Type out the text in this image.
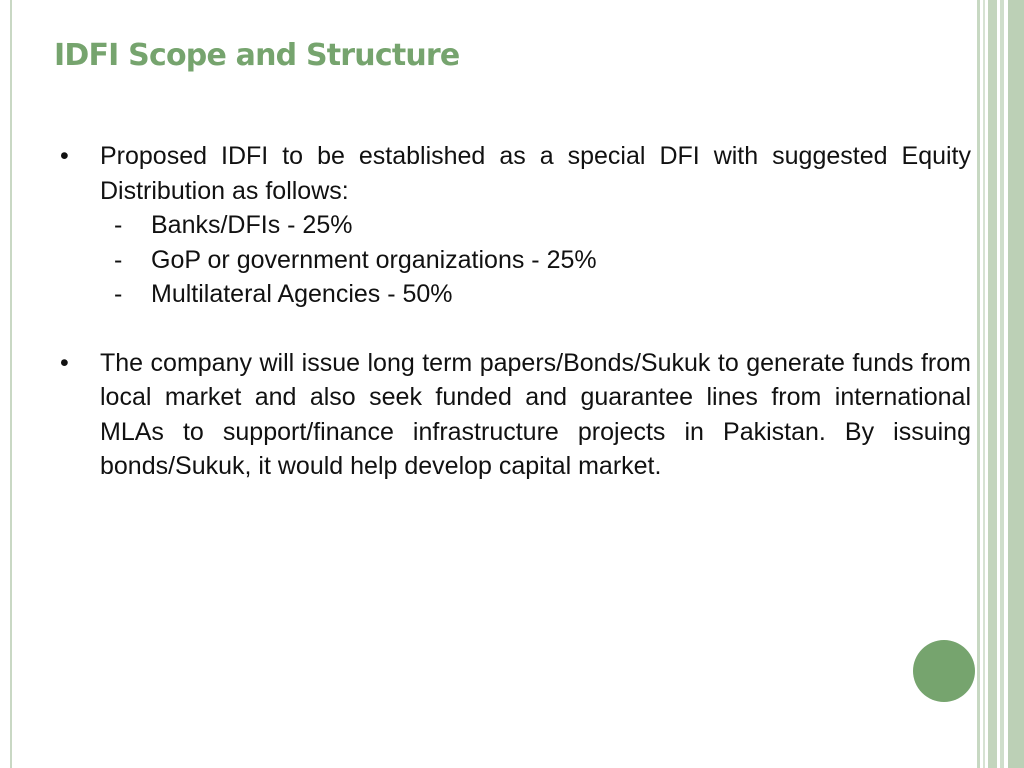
IDFI Scope and Structure
• Proposed IDFI to be established as a special DFI with suggested Equity Distribution as follows:
- Banks/DFIs - 25%
- GoP or government organizations - 25%
- Multilateral Agencies - 50%
• The company will issue long term papers/Bonds/Sukuk to generate funds from local market and also seek funded and guarantee lines from international MLAs to support/finance infrastructure projects in Pakistan. By issuing bonds/Sukuk, it would help develop capital market.
